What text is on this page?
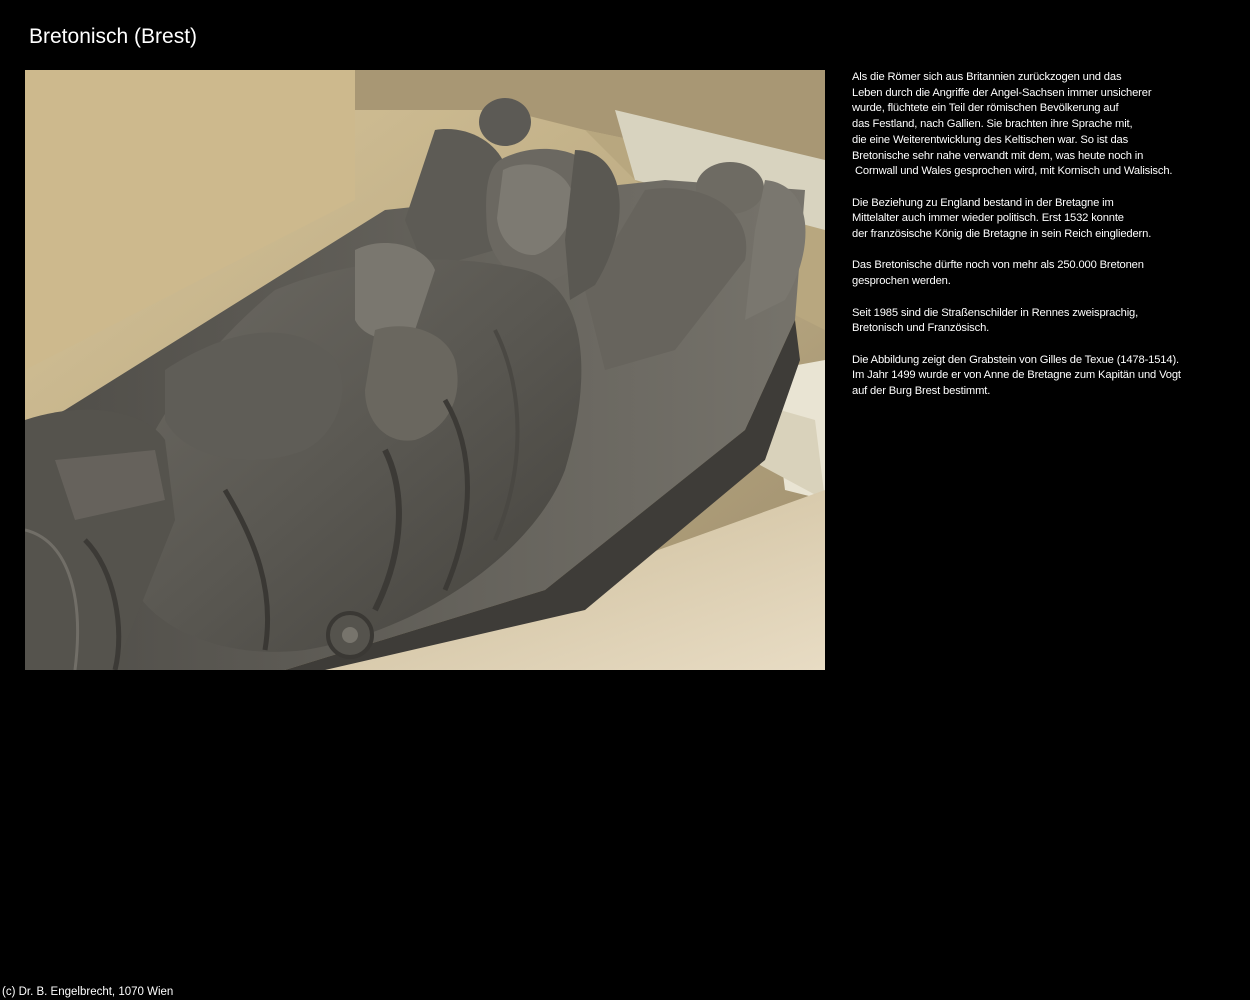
Bretonisch (Brest)

Als die Römer sich aus Britannien zurückzogen und das
Leben durch die Angriffe der Angel-Sachsen immer unsicherer
wurde, flüchtete ein Teil der römischen Bevölkerung auf
das Festland, nach Gallien. Sie brachten ihre Sprache mit,
die eine Weiterentwicklung des Keltischen war. So ist das
Bretonische sehr nahe verwandt mit dem, was heute noch in
Cornwall und Wales gesprochen wird, mit Kornisch und Walisisch.

Die Beziehung zu England bestand in der Bretagne im
Mittelalter auch immer wieder politisch. Erst 1532 konnte
der französische König die Bretagne in sein Reich eingliedern.

Das Bretonische dürfte noch von mehr als 250.000 Bretonen
gesprochen werden.

Seit 1985 sind die Straßenschilder in Rennes zweisprachig,
Bretonisch und Französisch.

Die Abbildung zeigt den Grabstein von Gilles de Texue (1478-1514).
Im Jahr 1499 wurde er von Anne de Bretagne zum Kapitän und Vogt
auf der Burg Brest bestimmt.

(c) Dr. B. Engelbrecht, 1070 Wien
